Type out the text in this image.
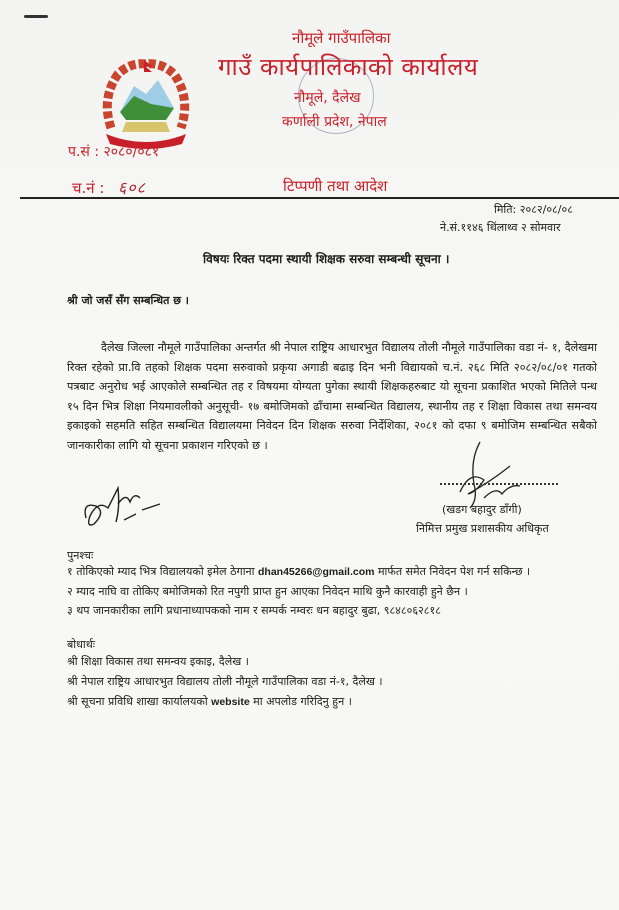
नौमूले गाउँपालिका
गाउँ कार्यपालिकाको कार्यालय
नौमूले, दैलेख
कर्णाली प्रदेश, नेपाल
प.सं : २०८०/०८१
च.नं : ६०८	टिप्पणी तथा आदेश
मिति: २०८२/०८/०८
ने.सं.११४६ थिंलाथ्व २ सोमवार
विषयः रिक्त पदमा स्थायी शिक्षक सरुवा सम्बन्धी सूचना ।
श्री जो जसँ सँग सम्बन्धित छ ।

दैलेख जिल्ला नौमूले गाउँपालिका अन्तर्गत श्री नेपाल राष्ट्रिय आधारभुत विद्यालय तोली नौमूले गाउँपालिका वडा नं- १, दैलेखमा रिक्त रहेको प्रा.वि तहको शिक्षक पदमा सरुवाको प्रकृया अगाडी बढाइ दिन भनी विद्यायको च.नं. २६८ मिति २०८२/०८/०१ गतको पत्रबाट अनुरोध भई आएकोले सम्बन्धित तह र विषयमा योग्यता पुगेका स्थायी शिक्षकहरुबाट यो सूचना प्रकाशित भएको मितिले पन्ध १५ दिन भित्र शिक्षा नियमावलीको अनुसूची- १७ बमोजिमको ढाँचामा सम्बन्धित विद्यालय, स्थानीय तह र शिक्षा विकास तथा समन्वय इकाइको सहमति सहित सम्बन्धित विद्यालयमा निवेदन दिन शिक्षक सरुवा निर्देशिका, २०८१ को दफा ९ बमोजिम सम्बन्धित सबैको जानकारीका लागि यो सूचना प्रकाशन गरिएको छ ।

(खडग बहादुर डाँगी)
निमित्त प्रमुख प्रशासकीय अधिकृत
पुनश्चः
१ तोकिएको म्याद भित्र विद्यालयको इमेल ठेगाना dhan45266@gmail.com मार्फत समेत निवेदन पेश गर्न सकिन्छ ।
२ म्याद नाघि वा तोकिए बमोजिमको रित नपुगी प्राप्त हुन आएका निवेदन माथि कुनै कारवाही हुने छैन ।
३ थप जानकारीका लागि प्रधानाध्यापकको नाम र सम्पर्क नम्वरः धन बहादुर बुढा, ९८४८०६२८१८
बोधार्थः
श्री शिक्षा विकास तथा समन्वय इकाइ, दैलेख ।
श्री नेपाल राष्ट्रिय आधारभुत विद्यालय तोली नौमूले गाउँपालिका वडा नं-१, दैलेख ।
श्री सूचना प्रविधि शाखा कार्यालयको website मा अपलोड गरिदिनु हुन ।
